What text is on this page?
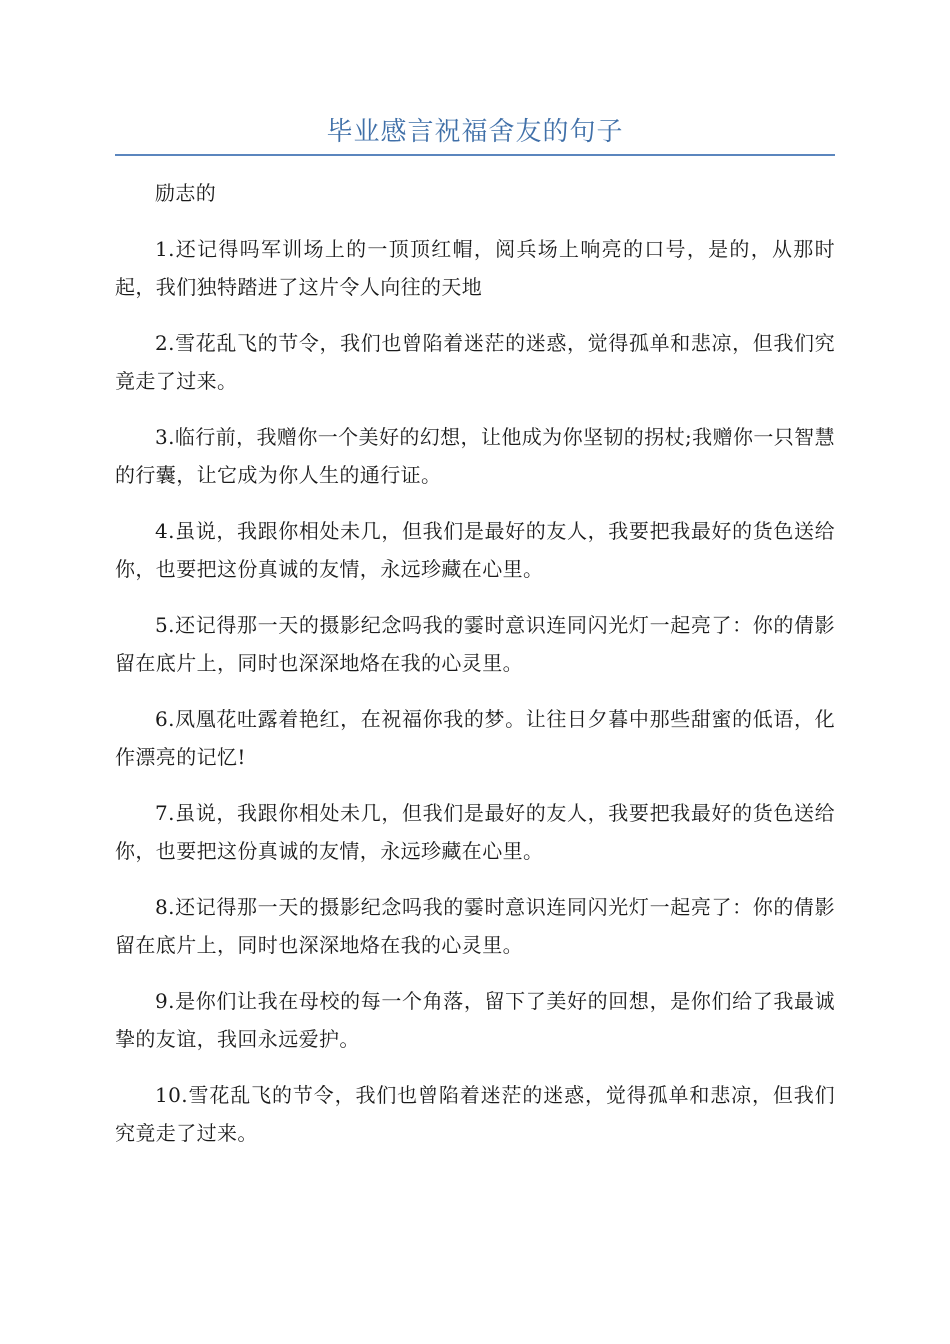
毕业感言祝福舍友的句子

励志的

1.还记得吗军训场上的一顶顶红帽，阅兵场上响亮的口号，是的，从那时起，我们独特踏进了这片令人向往的天地

2.雪花乱飞的节令，我们也曾陷着迷茫的迷惑，觉得孤单和悲凉，但我们究竟走了过来。

3.临行前，我赠你一个美好的幻想，让他成为你坚韧的拐杖;我赠你一只智慧的行囊，让它成为你人生的通行证。

4.虽说，我跟你相处未几，但我们是最好的友人，我要把我最好的货色送给你，也要把这份真诚的友情，永远珍藏在心里。

5.还记得那一天的摄影纪念吗我的霎时意识连同闪光灯一起亮了：你的倩影留在底片上，同时也深深地烙在我的心灵里。

6.凤凰花吐露着艳红，在祝福你我的梦。让往日夕暮中那些甜蜜的低语，化作漂亮的记忆!

7.虽说，我跟你相处未几，但我们是最好的友人，我要把我最好的货色送给你，也要把这份真诚的友情，永远珍藏在心里。

8.还记得那一天的摄影纪念吗我的霎时意识连同闪光灯一起亮了：你的倩影留在底片上，同时也深深地烙在我的心灵里。

9.是你们让我在母校的每一个角落，留下了美好的回想，是你们给了我最诚挚的友谊，我回永远爱护。

10.雪花乱飞的节令，我们也曾陷着迷茫的迷惑，觉得孤单和悲凉，但我们究竟走了过来。
